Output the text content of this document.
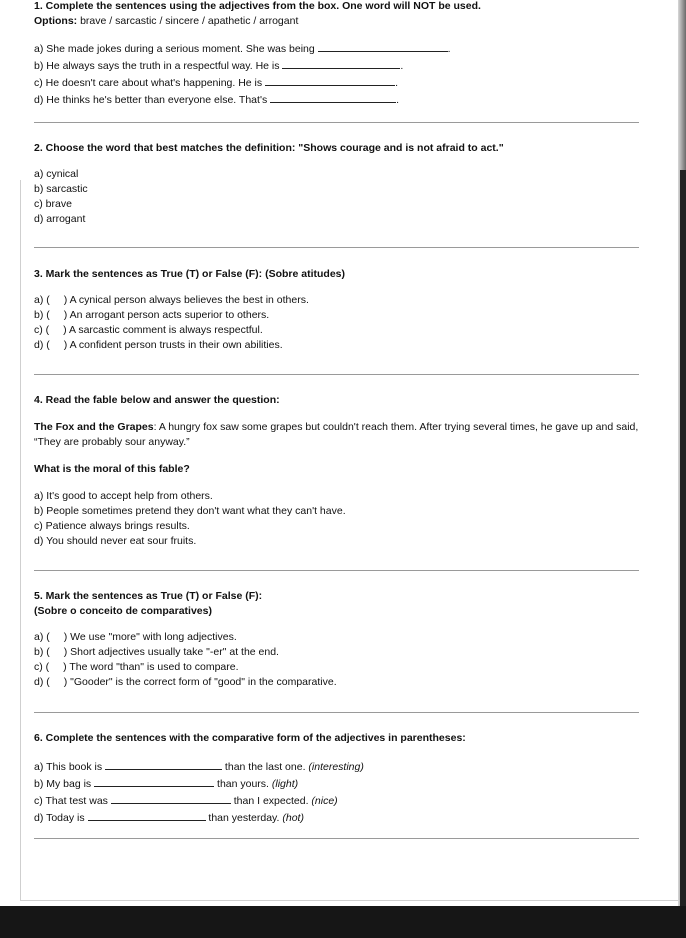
1. Complete the sentences using the adjectives from the box. One word will NOT be used.
Options: brave / sarcastic / sincere / apathetic / arrogant
a) She made jokes during a serious moment. She was being	.
b) He always says the truth in a respectful way. He is	.
c) He doesn't care about what's happening. He is	.
d) He thinks he's better than everyone else. That's	.
2. Choose the word that best matches the definition: "Shows courage and is not afraid to act."
a) cynical
b) sarcastic
c) brave
d) arrogant
3. Mark the sentences as True (T) or False (F): (Sobre atitudes)
a) ( ) A cynical person always believes the best in others.
b) ( ) An arrogant person acts superior to others.
c) ( ) A sarcastic comment is always respectful.
d) ( ) A confident person trusts in their own abilities.
4. Read the fable below and answer the question:
The Fox and the Grapes: A hungry fox saw some grapes but couldn't reach them. After trying several times, he gave up and said, “They are probably sour anyway.”
What is the moral of this fable?
a) It's good to accept help from others.
b) People sometimes pretend they don't want what they can't have.
c) Patience always brings results.
d) You should never eat sour fruits.
5. Mark the sentences as True (T) or False (F):
(Sobre o conceito de comparatives)
a) ( ) We use "more" with long adjectives.
b) ( ) Short adjectives usually take "-er" at the end.
c) ( ) The word "than" is used to compare.
d) ( ) "Gooder" is the correct form of "good" in the comparative.
6. Complete the sentences with the comparative form of the adjectives in parentheses:
a) This book is	than the last one. (interesting)
b) My bag is	than yours. (light)
c) That test was	than I expected. (nice)
d) Today is	than yesterday. (hot)
